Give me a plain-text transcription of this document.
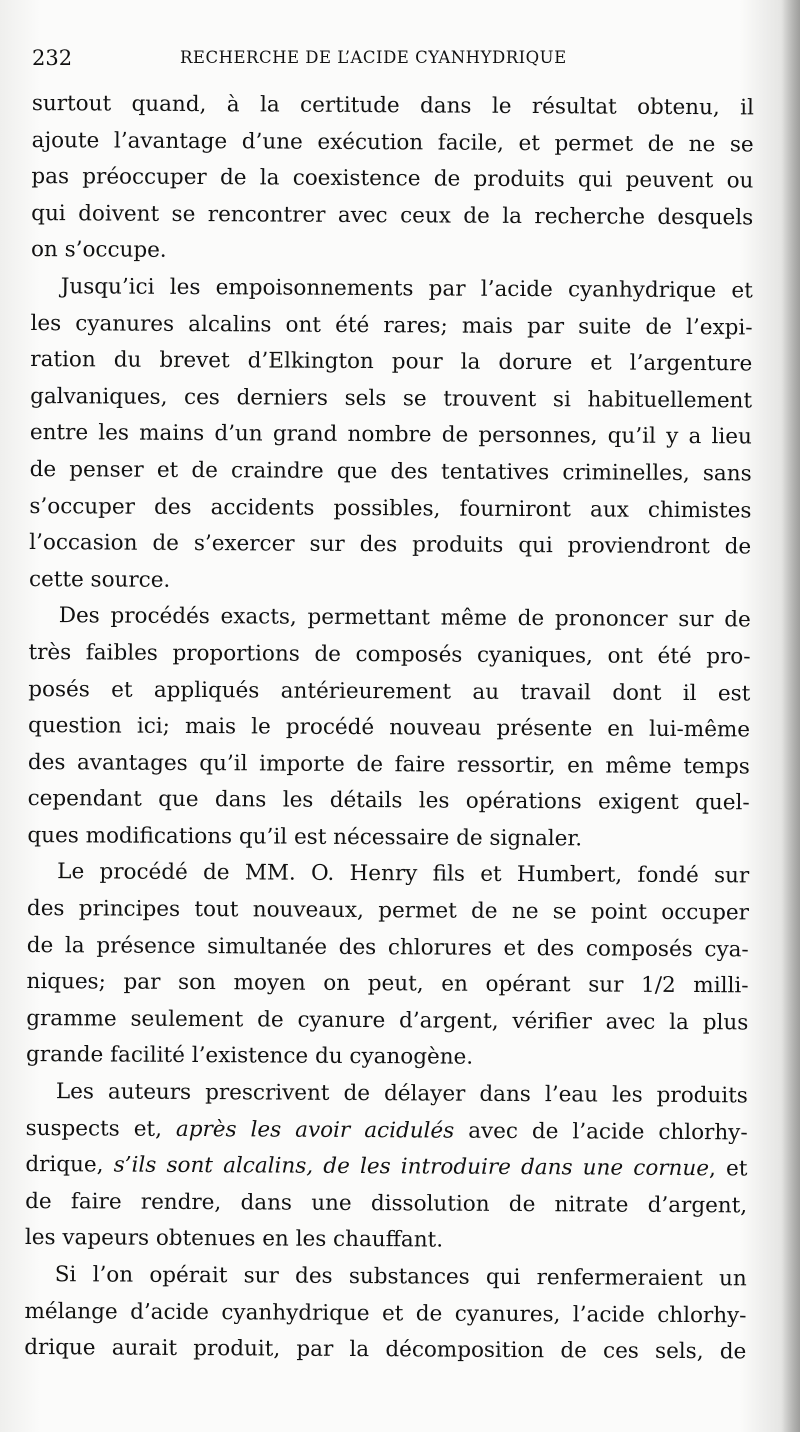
232	RECHERCHE DE L’ACIDE CYANHYDRIQUE
surtout quand, à la certitude dans le résultat obtenu, il
ajoute l’avantage d’une exécution facile, et permet de ne se
pas préoccuper de la coexistence de produits qui peuvent ou
qui doivent se rencontrer avec ceux de la recherche desquels
on s’occupe.
Jusqu’ici les empoisonnements par l’acide cyanhydrique et
les cyanures alcalins ont été rares; mais par suite de l’expi-
ration du brevet d’Elkington pour la dorure et l’argenture
galvaniques, ces derniers sels se trouvent si habituellement
entre les mains d’un grand nombre de personnes, qu’il y a lieu
de penser et de craindre que des tentatives criminelles, sans
s’occuper des accidents possibles, fourniront aux chimistes
l’occasion de s’exercer sur des produits qui proviendront de
cette source.
Des procédés exacts, permettant même de prononcer sur de
très faibles proportions de composés cyaniques, ont été pro-
posés et appliqués antérieurement au travail dont il est
question ici; mais le procédé nouveau présente en lui-même
des avantages qu’il importe de faire ressortir, en même temps
cependant que dans les détails les opérations exigent quel-
ques modifications qu’il est nécessaire de signaler.
Le procédé de MM. O. Henry fils et Humbert, fondé sur
des principes tout nouveaux, permet de ne se point occuper
de la présence simultanée des chlorures et des composés cya-
niques; par son moyen on peut, en opérant sur 1/2 milli-
gramme seulement de cyanure d’argent, vérifier avec la plus
grande facilité l’existence du cyanogène.
Les auteurs prescrivent de délayer dans l’eau les produits
suspects et, après les avoir acidulés avec de l’acide chlorhy-
drique, s’ils sont alcalins, de les introduire dans une cornue, et
de faire rendre, dans une dissolution de nitrate d’argent,
les vapeurs obtenues en les chauffant.
Si l’on opérait sur des substances qui renfermeraient un
mélange d’acide cyanhydrique et de cyanures, l’acide chlorhy-
drique aurait produit, par la décomposition de ces sels, de
